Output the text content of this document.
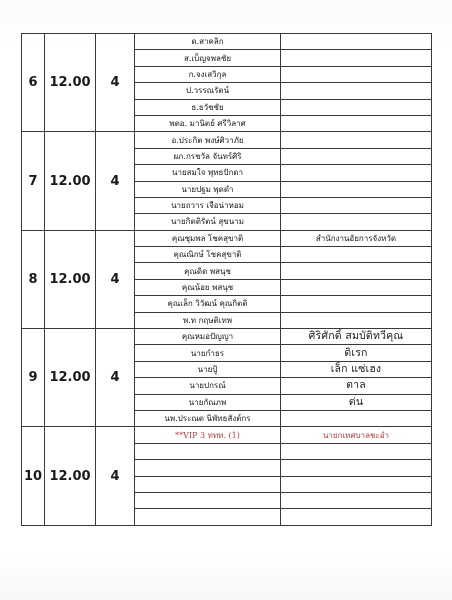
6	12.00	4	ด.สาคลิก	
			ส.เบ็ญจพลชัย	
			ก.จงเสวิกุล	
			ป.วรรณรัตน์	
			ธ.ธวัชชัย	
			พตอ. มานิตย์ ศรีวิลาศ	
7	12.00	4	อ.ประกิต พงษ์ศิวาภัย	
			ผภ.กรชวัล จันทร์ศิริ	
			นายสมใจ พุทธปักดา	
			นายปฐม พุดดำ	
			นายถวาร เจือน่าหอม	
			นายกิตติรัตน์ สุขนาม	
8	12.00	4	คุณชุมพล โชคสุขาติ	สำนักงานอัยการจังหวัด
			คุณณิกษ์ โชคสุขาติ	
			คุณดิด พสนุช	
			คุณน้อย พสนุช	
			คุณเล็ก วิวัฒน์ คุณกิตติ	
			พ.ท กฤษติเทพ	
9	12.00	4	คุณหมอปัญญา	ศิริศักดิ์ สมบัติทวีคุณ
			นายกำธร	ดิเรก
			นายปู้	เล็ก แซ่เฮง
			นายปกรณ์	ตาล
			นายกัณภพ	ต่น
			นพ.ประณต นิพัทธสังต์กร	
10	12.00	4	**VIP 3 ททท. (1)	นายกเทศบาลชะอำ
